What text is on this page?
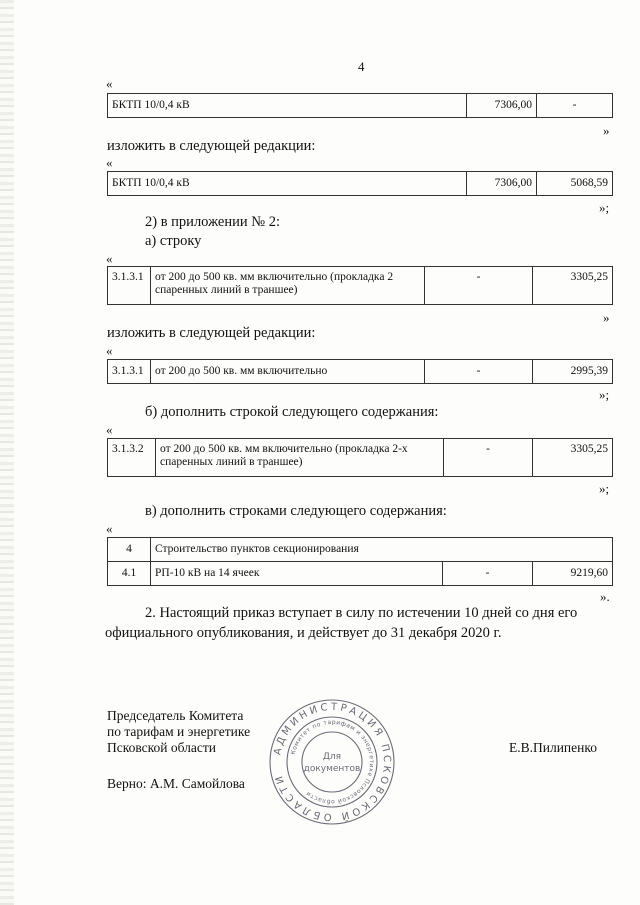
4
«
БКТП 10/0,4 кВ	7306,00	-
»
изложить в следующей редакции:
«
БКТП 10/0,4 кВ	7306,00	5068,59
»;
2) в приложении № 2:
а) строку
«
3.1.3.1	от 200 до 500 кв. мм включительно (прокладка 2
спаренных линий в траншее)	-	3305,25
»
изложить в следующей редакции:
«
3.1.3.1	от 200 до 500 кв. мм включительно	-	2995,39
»;
б) дополнить строкой следующего содержания:
«
3.1.3.2	от 200 до 500 кв. мм включительно (прокладка 2-х
спаренных линий в траншее)	-	3305,25
»;
в) дополнить строками следующего содержания:
«
4	Строительство пунктов секционирования		
4.1	РП-10 кВ на 14 ячеек	-	9219,60
».
2. Настоящий приказ вступает в силу по истечении 10 дней со дня его
официального опубликования, и действует до 31 декабря 2020 г.
Председатель Комитета
по тарифам и энергетике
Псковской области	Е.В.Пилипенко
Верно: А.М. Самойлова
АДМИНИСТРАЦИЯ ПСКОВСКОЙ ОБЛАСТИ
Комитет по тарифам и энергетике Псковской области
Для
документов
